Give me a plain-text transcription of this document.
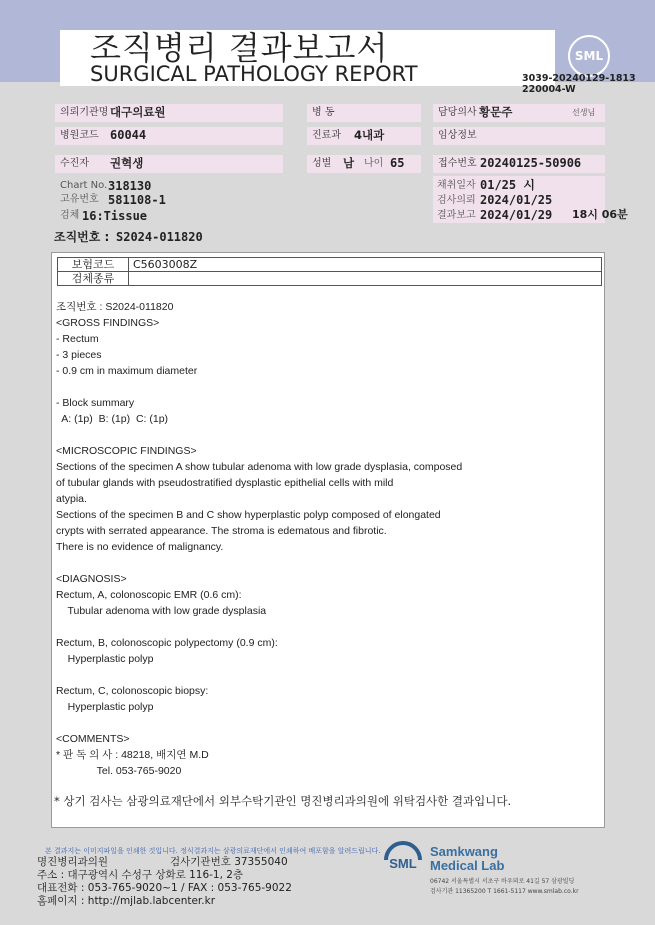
조직병리 결과보고서
SURGICAL PATHOLOGY REPORT
SML
3039-20240129-1813
220004-W
의뢰기관명 대구의료원	병 동	담당의사 황문주	선생님
병원코드 60044	진료과	4내과	임상정보
수진자	권혁생	성별	남 나이 65	접수번호 20240125-50906
Chart No. 318130
고유번호 581108-1
검체 16:Tissue
채취일자 01/25 시
검사의뢰 2024/01/25
결과보고 2024/01/29 18시 06분
조직번호 : S2024-011820
보험코드	C5603008Z
검체종류	
조직번호 : S2024-011820
<GROSS FINDINGS>
- Rectum
- 3 pieces
- 0.9 cm in maximum diameter

- Block summary
A: (1p)  B: (1p)  C: (1p)

<MICROSCOPIC FINDINGS>
Sections of the specimen A show tubular adenoma with low grade dysplasia, composed
of tubular glands with pseudostratified dysplastic epithelial cells with mild
atypia.
Sections of the specimen B and C show hyperplastic polyp composed of elongated
crypts with serrated appearance. The stroma is edematous and fibrotic.
There is no evidence of malignancy.

<DIAGNOSIS>
Rectum, A, colonoscopic EMR (0.6 cm):
Tubular adenoma with low grade dysplasia

Rectum, B, colonoscopic polypectomy (0.9 cm):
Hyperplastic polyp

Rectum, C, colonoscopic biopsy:
Hyperplastic polyp

<COMMENTS>
* 판 독 의 사 : 48218, 배지연 M.D
Tel. 053-765-9020
* 상기 검사는 삼광의료재단에서 외부수탁기관인 명진병리과의원에 위탁검사한 결과입니다.
본 결과지는 이미지파일을 인쇄한 것입니다. 정식결과지는 삼광의료재단에서 인쇄하여 배포함을 알려드립니다.
명진병리과의원	검사기관번호 37355040
주소 : 대구광역시 수성구 상화로 116-1, 2층
대표전화 : 053-765-9020~1 / FAX : 053-765-9022
홈페이지 : http://mjlab.labcenter.kr
SML
Samkwang
Medical Lab
06742 서울특별시 서초구 바우뫼로 41길 57 삼광빌딩
검사기관 11365200 T 1661-5117 www.smlab.co.kr
